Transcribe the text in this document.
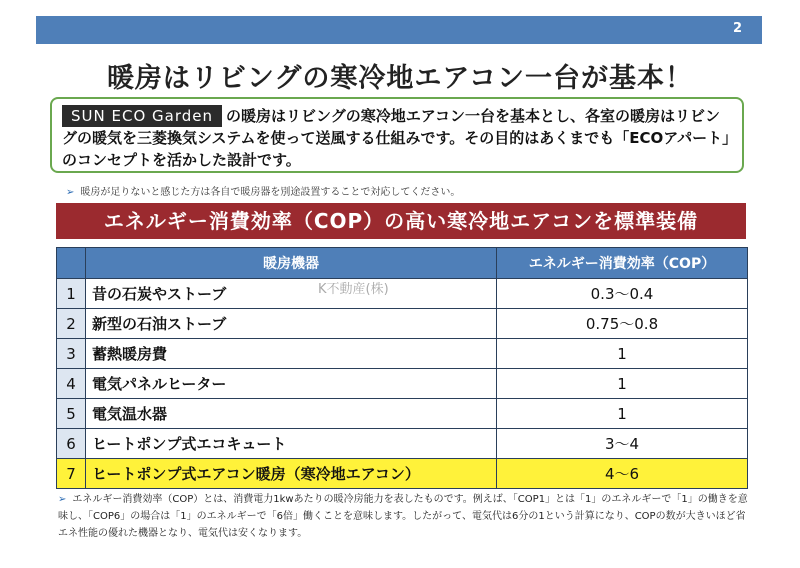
2
暖房はリビングの寒冷地エアコン一台が基本！
SUN ECO Garden の暖房はリビングの寒冷地エアコン一台を基本とし、各室の暖房はリビングの暖気を三菱換気システムを使って送風する仕組みです。その目的はあくまでも「ECOアパート」のコンセプトを活かした設計です。
➢ 暖房が足りないと感じた方は各自で暖房器を別途設置することで対応してください。
エネルギー消費効率（COP）の高い寒冷地エアコンを標準装備
	暖房機器	エネルギー消費効率（COP）
1	昔の石炭やストーブ	0.3〜0.4
2	新型の石油ストーブ	0.75〜0.8
3	蓄熱暖房費	1
4	電気パネルヒーター	1
5	電気温水器	1
6	ヒートポンプ式エコキュート	3〜4
7	ヒートポンプ式エアコン暖房（寒冷地エアコン）	4〜6
K不動産(株)
➢ エネルギー消費効率（COP）とは、消費電力1kwあたりの暖冷房能力を表したものです。例えば、「COP1」とは「1」のエネルギーで「1」の働きを意味し、「COP6」の場合は「1」のエネルギーで「6倍」働くことを意味します。したがって、電気代は6分の1という計算になり、COPの数が大きいほど省エネ性能の優れた機器となり、電気代は安くなります。
